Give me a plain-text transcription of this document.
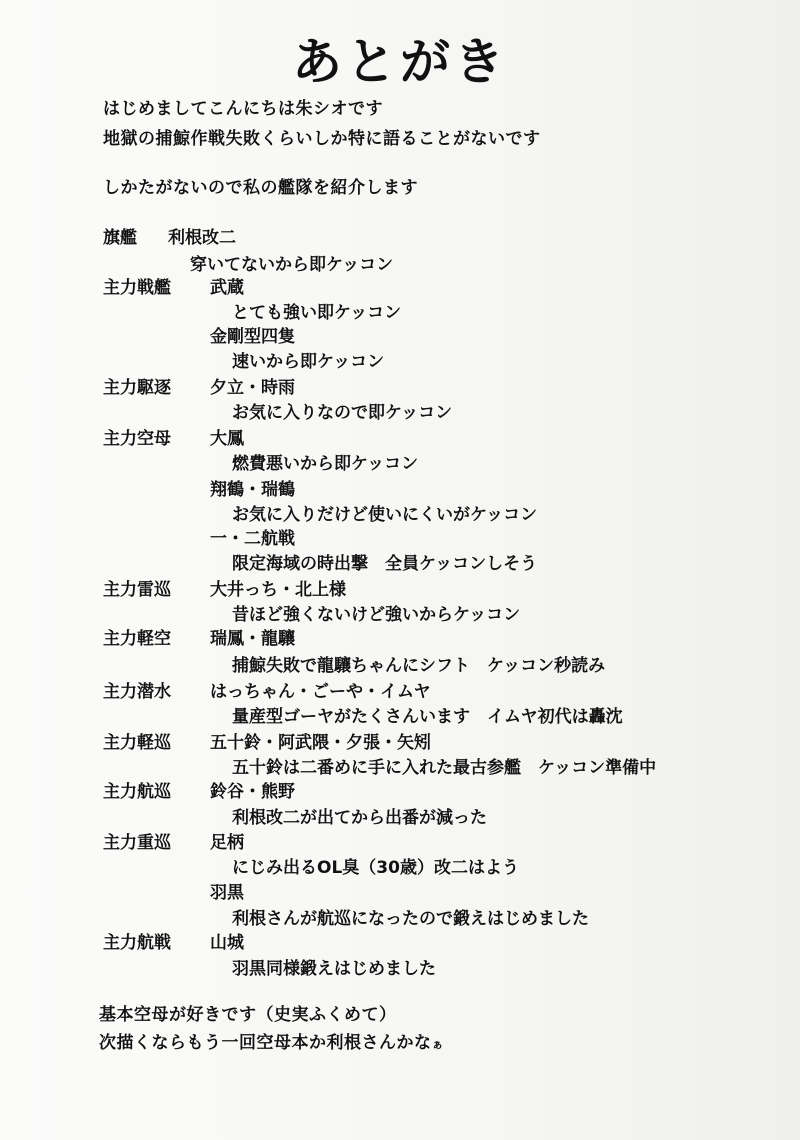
あとがき
はじめましてこんにちは朱シオです
地獄の捕鯨作戦失敗くらいしか特に語ることがないです
しかたがないので私の艦隊を紹介します
旗艦 利根改二
穿いてないから即ケッコン
主力戦艦 武蔵
とても強い即ケッコン
金剛型四隻
速いから即ケッコン
主力駆逐 夕立・時雨
お気に入りなので即ケッコン
主力空母 大鳳
燃費悪いから即ケッコン
翔鶴・瑞鶴
お気に入りだけど使いにくいがケッコン
一・二航戦
限定海域の時出撃　全員ケッコンしそう
主力雷巡 大井っち・北上様
昔ほど強くないけど強いからケッコン
主力軽空 瑞鳳・龍驤
捕鯨失敗で龍驤ちゃんにシフト　ケッコン秒読み
主力潜水 はっちゃん・ごーや・イムヤ
量産型ゴーヤがたくさんいます　イムヤ初代は轟沈
主力軽巡 五十鈴・阿武隈・夕張・矢矧
五十鈴は二番めに手に入れた最古参艦　ケッコン準備中
主力航巡 鈴谷・熊野
利根改二が出てから出番が減った
主力重巡 足柄
にじみ出るOL臭（30歳）改二はよう
羽黒
利根さんが航巡になったので鍛えはじめました
主力航戦 山城
羽黒同様鍛えはじめました
基本空母が好きです（史実ふくめて）
次描くならもう一回空母本か利根さんかなぁ
